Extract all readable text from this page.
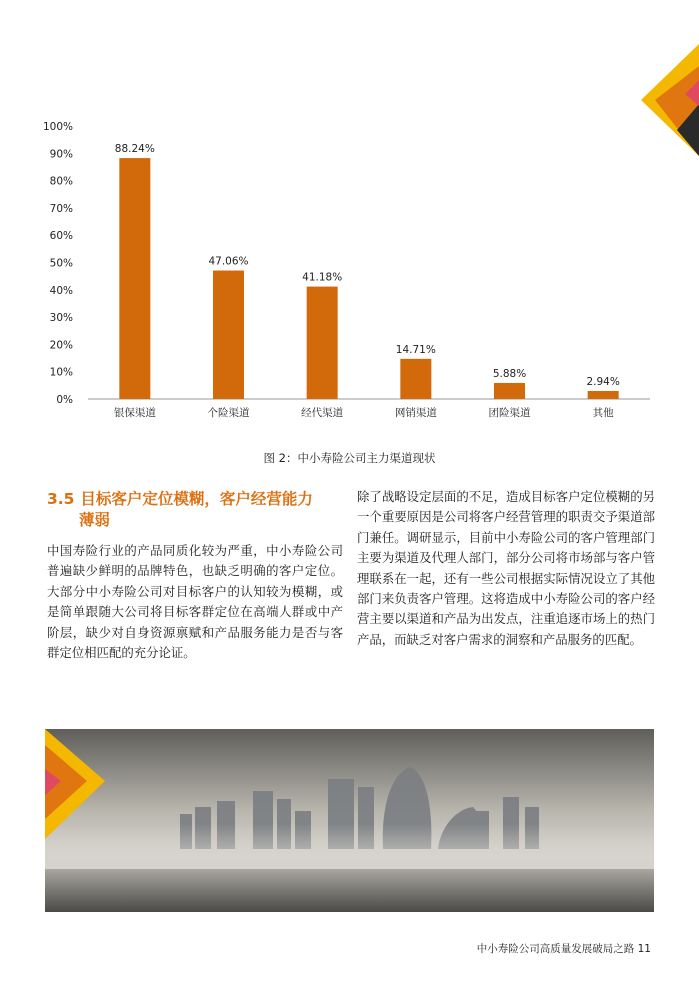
0%
10%
20%
30%
40%
50%
60%
70%
80%
90%
100%
88.24%
银保渠道
47.06%
个险渠道
41.18%
经代渠道
14.71%
网销渠道
5.88%
团险渠道
2.94%
其他
图 2：中小寿险公司主力渠道现状
3.5 目标客户定位模糊，客户经营能力
薄弱
中国寿险行业的产品同质化较为严重，中小寿险公司普遍缺少鲜明的品牌特色，也缺乏明确的客户定位。大部分中小寿险公司对目标客户的认知较为模糊，或是简单跟随大公司将目标客群定位在高端人群或中产阶层，缺少对自身资源禀赋和产品服务能力是否与客群定位相匹配的充分论证。
除了战略设定层面的不足，造成目标客户定位模糊的另一个重要原因是公司将客户经营管理的职责交予渠道部门兼任。调研显示，目前中小寿险公司的客户管理部门主要为渠道及代理人部门，部分公司将市场部与客户管理联系在一起，还有一些公司根据实际情况设立了其他部门来负责客户管理。这将造成中小寿险公司的客户经营主要以渠道和产品为出发点，注重追逐市场上的热门产品，而缺乏对客户需求的洞察和产品服务的匹配。
中小寿险公司高质量发展破局之路 11
